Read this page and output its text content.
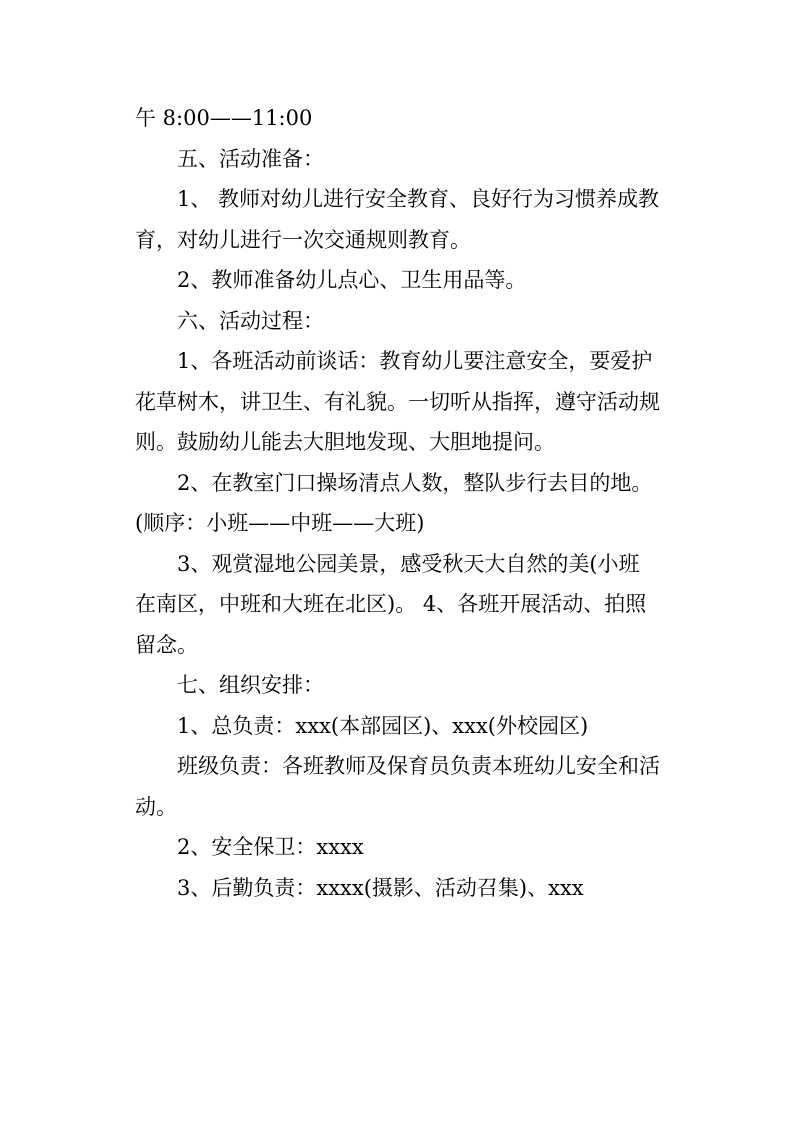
午 8:00——11:00

五、活动准备：

1、 教师对幼儿进行安全教育、良好行为习惯养成教育，对幼儿进行一次交通规则教育。

2、教师准备幼儿点心、卫生用品等。

六、活动过程：

1、各班活动前谈话：教育幼儿要注意安全，要爱护花草树木，讲卫生、有礼貌。一切听从指挥，遵守活动规则。鼓励幼儿能去大胆地发现、大胆地提问。

2、在教室门口操场清点人数，整队步行去目的地。(顺序：小班——中班——大班)

3、观赏湿地公园美景，感受秋天大自然的美(小班在南区，中班和大班在北区)。 4、各班开展活动、拍照留念。

七、组织安排：

1、总负责：xxx(本部园区)、xxx(外校园区)

班级负责：各班教师及保育员负责本班幼儿安全和活动。

2、安全保卫：xxxx

3、后勤负责：xxxx(摄影、活动召集)、xxx
